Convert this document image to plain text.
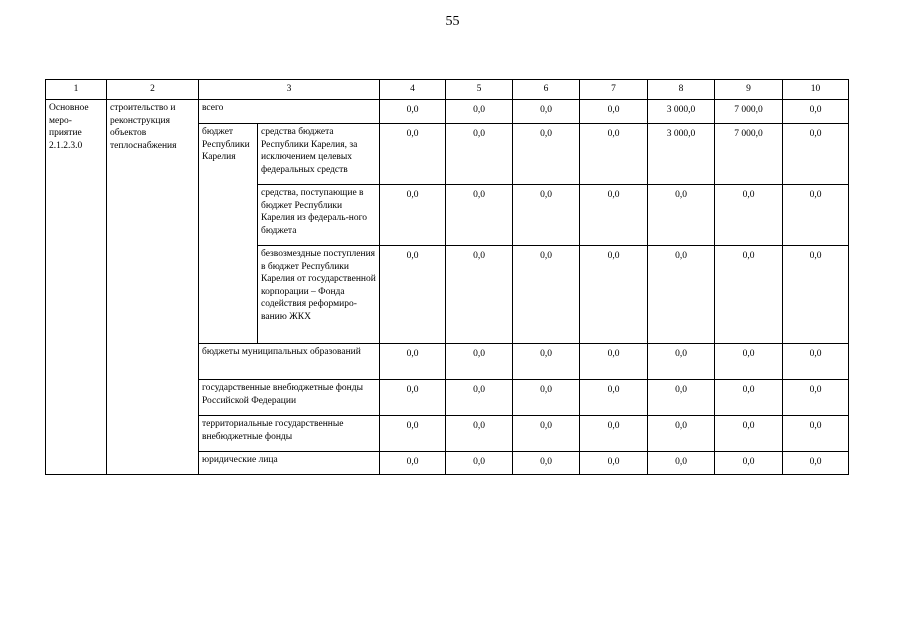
55
1	2	3		4	5	6	7	8	9	10
Основное меро-приятие 2.1.2.3.0	строительство и реконструкция объектов теплоснабжения	всего		0,0	0,0	0,0	0,0	3 000,0	7 000,0	0,0
		бюджет Республики Карелия	средства бюджета Республики Карелия, за исключением целевых федеральных средств	0,0	0,0	0,0	0,0	3 000,0	7 000,0	0,0
			средства, поступающие в бюджет Республики Карелия из федераль-ного бюджета	0,0	0,0	0,0	0,0	0,0	0,0	0,0
			безвозмездные поступления в бюджет Республики Карелия от государственной корпорации – Фонда содействия реформиро-ванию ЖКХ	0,0	0,0	0,0	0,0	0,0	0,0	0,0
		бюджеты муниципальных образований		0,0	0,0	0,0	0,0	0,0	0,0	0,0
		государственные внебюджетные фонды Российской Федерации		0,0	0,0	0,0	0,0	0,0	0,0	0,0
		территориальные государственные внебюджетные фонды		0,0	0,0	0,0	0,0	0,0	0,0	0,0
		юридические лица		0,0	0,0	0,0	0,0	0,0	0,0	0,0
